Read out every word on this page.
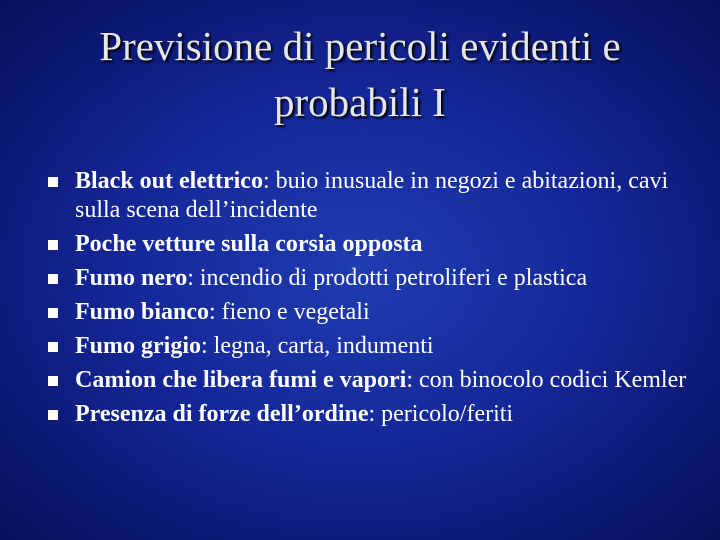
Previsione di pericoli evidenti e
probabili I
Black out elettrico: buio inusuale in negozi e abitazioni, cavi sulla scena dell’incidente
Poche vetture sulla corsia opposta
Fumo nero: incendio di prodotti petroliferi e plastica
Fumo bianco: fieno e vegetali
Fumo grigio: legna, carta, indumenti
Camion che libera fumi e vapori: con binocolo codici Kemler
Presenza di forze dell’ordine: pericolo/feriti
